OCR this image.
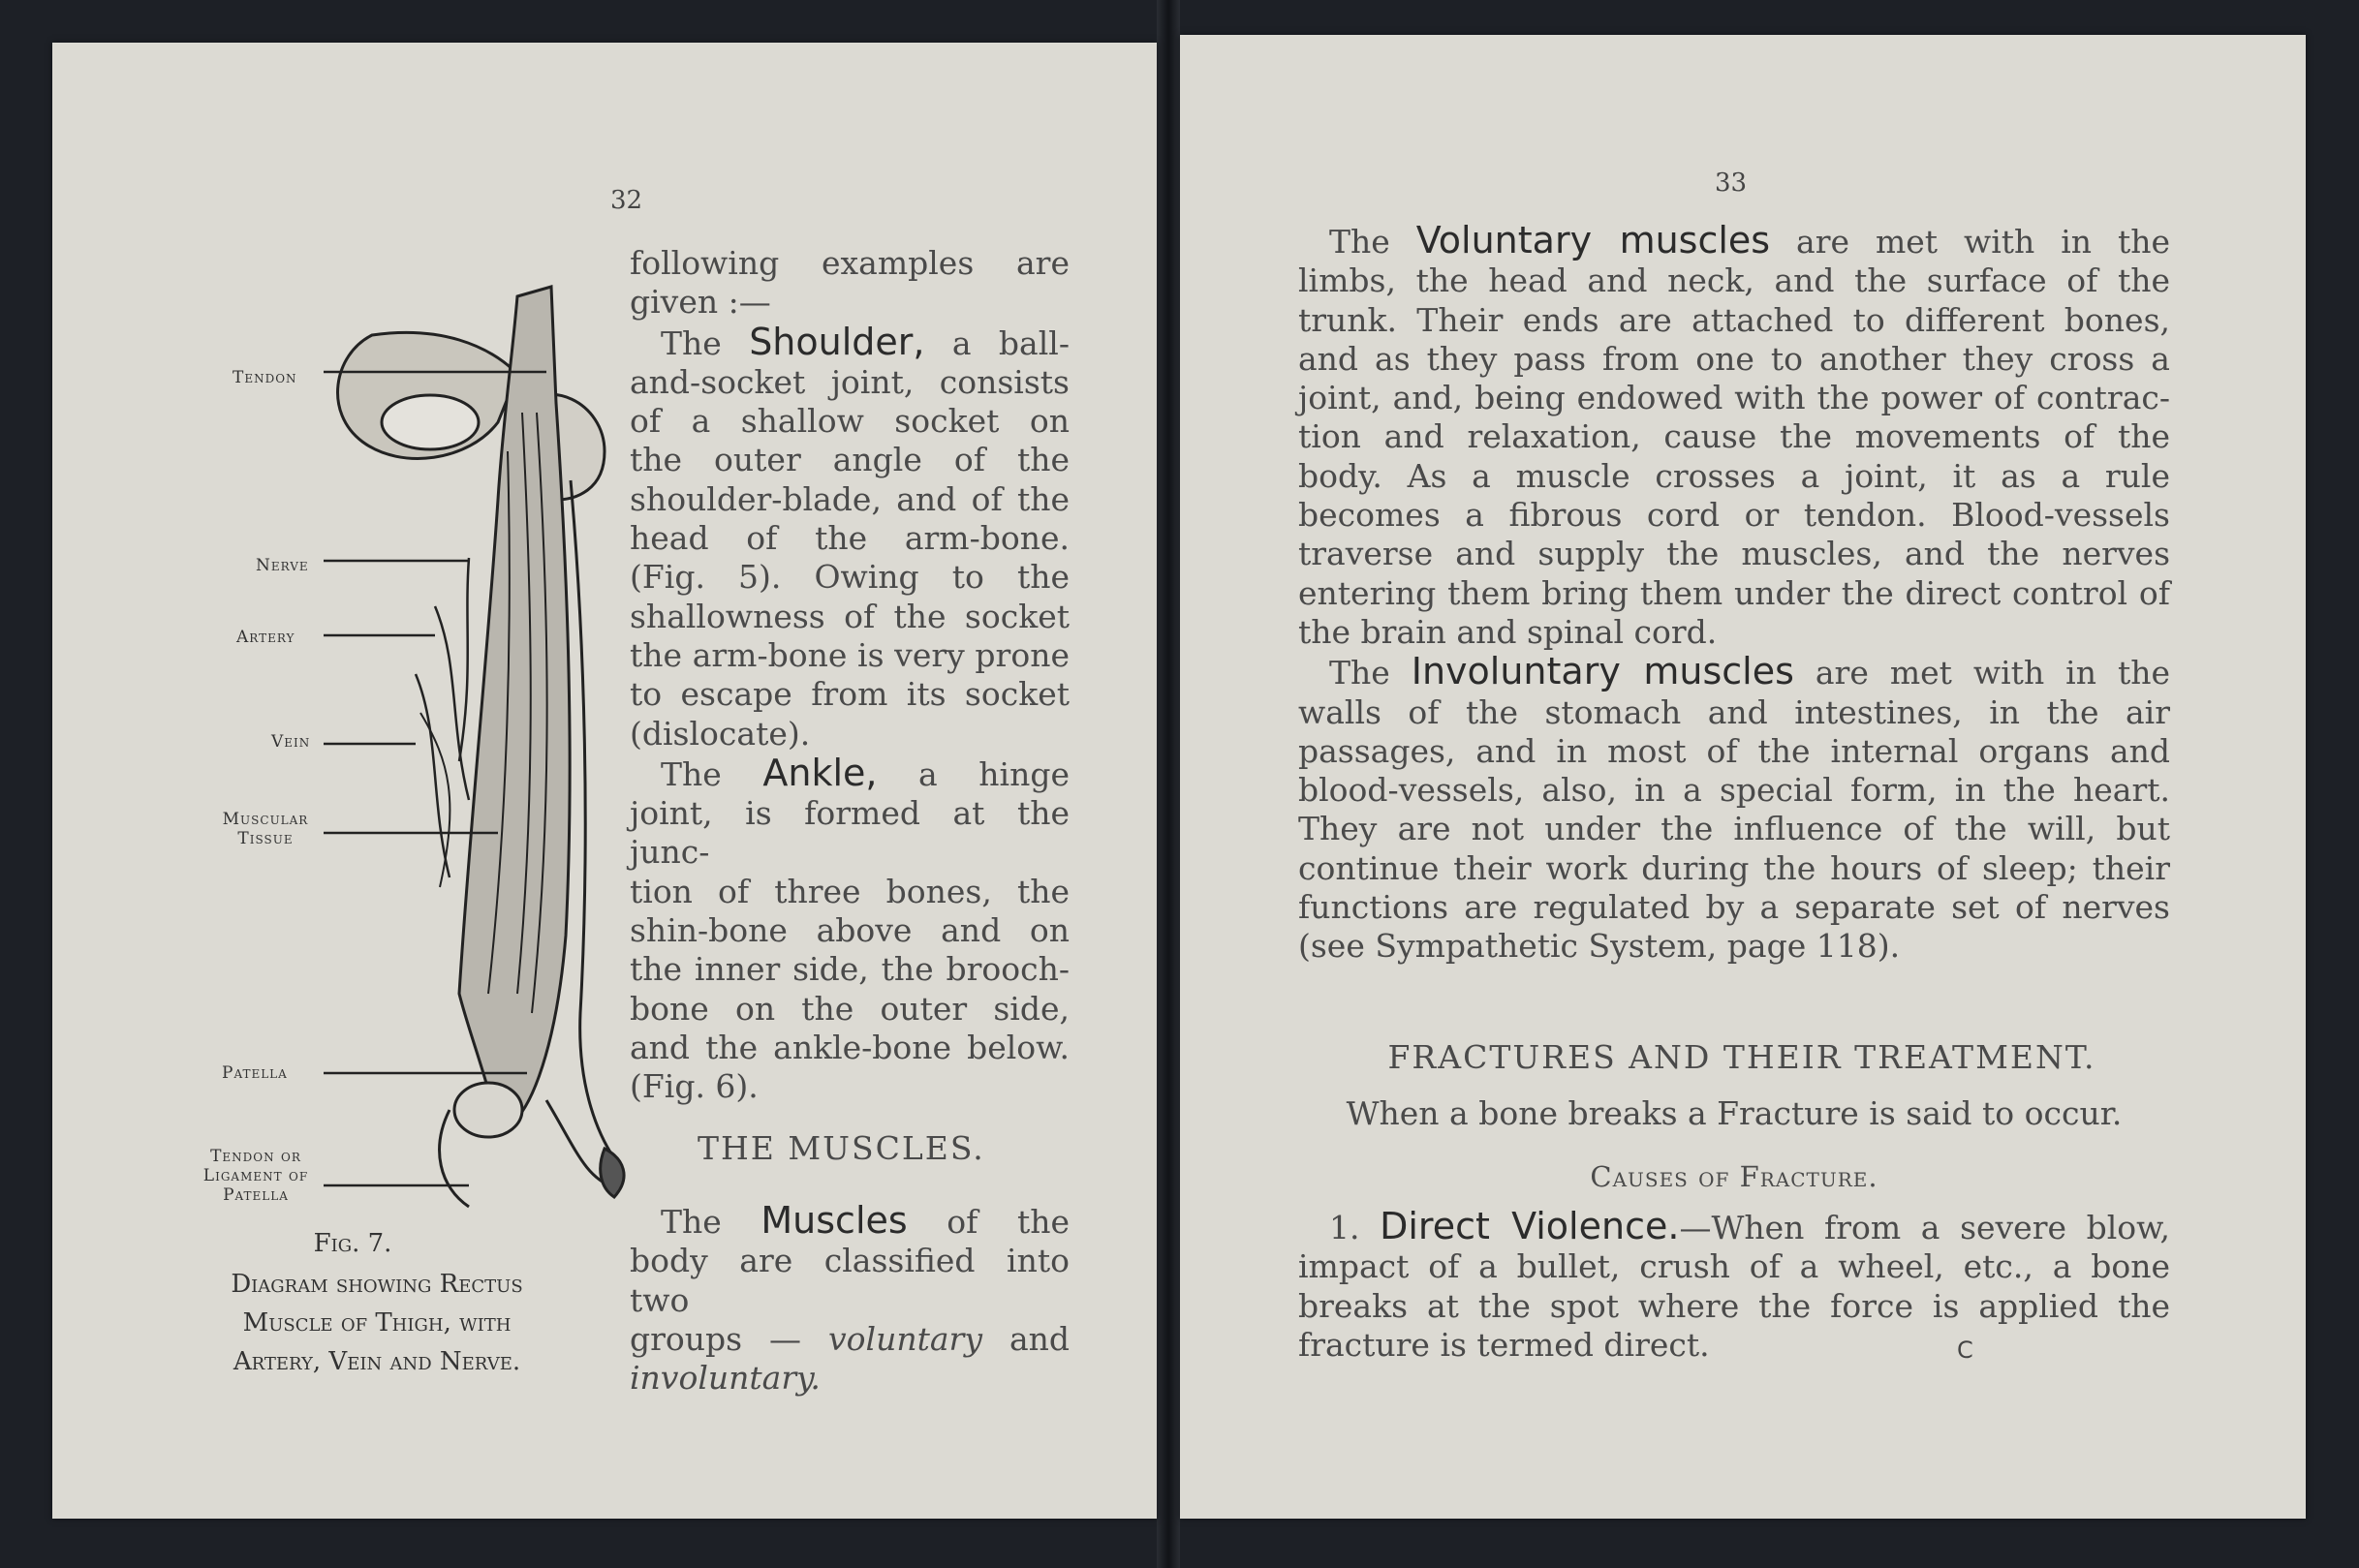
32
Tendon
Nerve
Artery
Vein
Muscular Tissue
Patella
Tendon or Ligament of Patella
Fig. 7.
Diagram showing Rectus
Muscle of Thigh, with
Artery, Vein and Nerve.

following examples are

given :—

The Shoulder, a ball-

and-socket joint, consists

of a shallow socket on

the outer angle of the

shoulder-blade, and of the

head of the arm-bone.

(Fig. 5). Owing to the

shallowness of the socket

the arm-bone is very prone

to escape from its socket

(dislocate).

The Ankle, a hinge

joint, is formed at the junc-

tion of three bones, the

shin-bone above and on

the inner side, the brooch-

bone on the outer side,

and the ankle-bone below.

(Fig. 6).

THE MUSCLES.

The Muscles of the

body are classified into two

groups — voluntary and

involuntary.

33

The Voluntary muscles are met with in the

limbs, the head and neck, and the surface of the

trunk. Their ends are attached to different bones,

and as they pass from one to another they cross a

joint, and, being endowed with the power of contrac-

tion and relaxation, cause the movements of the

body. As a muscle crosses a joint, it as a rule

becomes a fibrous cord or tendon. Blood-vessels

traverse and supply the muscles, and the nerves

entering them bring them under the direct control of

the brain and spinal cord.

The Involuntary muscles are met with in the

walls of the stomach and intestines, in the air

passages, and in most of the internal organs and

blood-vessels, also, in a special form, in the heart.

They are not under the influence of the will, but

continue their work during the hours of sleep; their

functions are regulated by a separate set of nerves

(see Sympathetic System, page 118).

FRACTURES AND THEIR TREATMENT.
When a bone breaks a Fracture is said to occur.
Causes of Fracture.

1. Direct Violence.—When from a severe blow,

impact of a bullet, crush of a wheel, etc., a bone

breaks at the spot where the force is applied the

fracture is termed direct.	C
